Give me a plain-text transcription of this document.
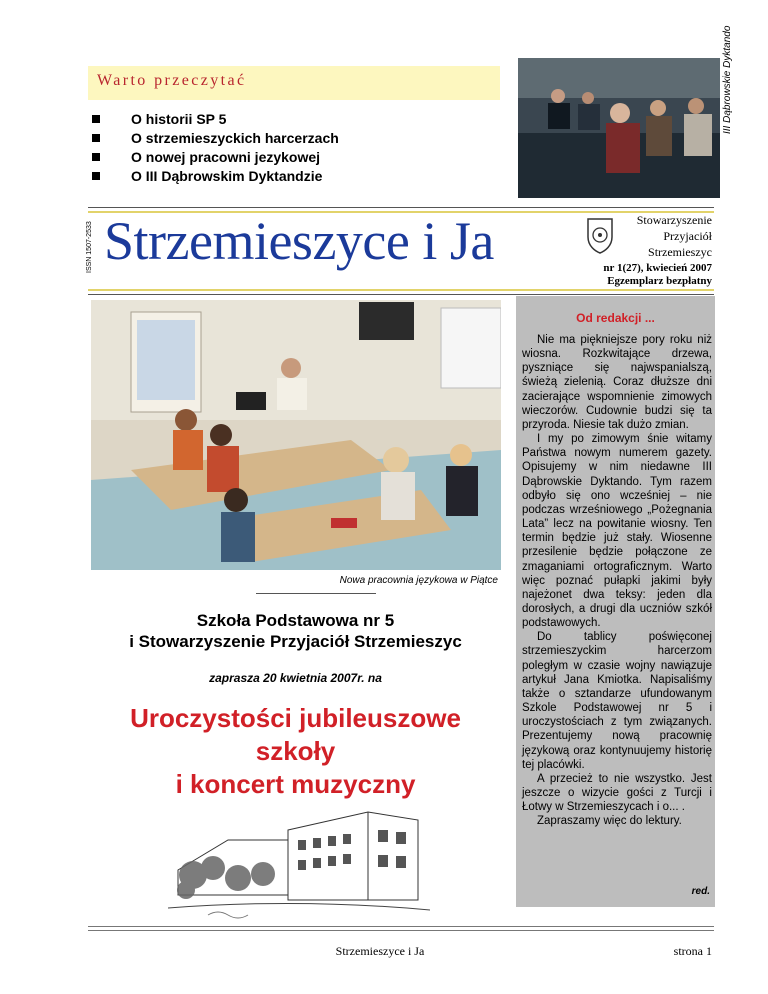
Warto przeczytać
O historii SP 5
O strzemieszyckich harcerzach
O nowej pracowni jezykowej
O III Dąbrowskim Dyktandzie
III Dąbrowskie Dyktando
ISSN 1507-2533 Strzemieszyce i Ja	Stowarzyszenie
Przyjaciół
Strzemieszyc
nr 1(27), kwiecień 2007
Egzemplarz bezpłatny
Nowa pracownia językowa w Piątce
Szkoła Podstawowa nr 5
i Stowarzyszenie Przyjaciół Strzemieszyc
zaprasza 20 kwietnia 2007r. na
Uroczystości jubileuszowe
szkoły
i koncert muzyczny
Od redakcji ...

Nie ma piękniejsze pory roku niż wiosna. Rozkwitające drzewa, pyszniące się najwspanialszą, świeżą zielenią. Coraz dłuższe dni zacierające wspomnienie zimowych wieczorów. Cudownie budzi się ta przyroda. Niesie tak dużo zmian.

I my po zimowym śnie witamy Państwa nowym numerem gazety. Opisujemy w nim niedawne III Dąbrowskie Dyktando. Tym razem odbyło się ono wcześniej – nie podczas wrześniowego „Pożegnania Lata” lecz na powitanie wiosny. Ten termin będzie już stały. Wiosenne przesilenie będzie połączone ze zmaganiami ortograficznym. Warto więc poznać pułapki jakimi były najeżonet dwa teksy: jeden dla dorosłych, a drugi dla uczniów szkół podstawowych.

Do tablicy poświęconej strzemieszyckim harcerzom poległym w czasie wojny nawiązuje artykuł Jana Kmiotka. Napisaliśmy także o sztandarze ufundowanym Szkole Podstawowej nr 5 i uroczystościach z tym związanych. Prezentujemy nową pracownię językową oraz kontynuujemy historię tej placówki.

A przecież to nie wszystko. Jest jeszcze o wizycie gości z Turcji i Łotwy w Strzemieszycach i o... .

Zapraszamy więc do lektury.

red.
Strzemieszyce i Ja	strona 1
